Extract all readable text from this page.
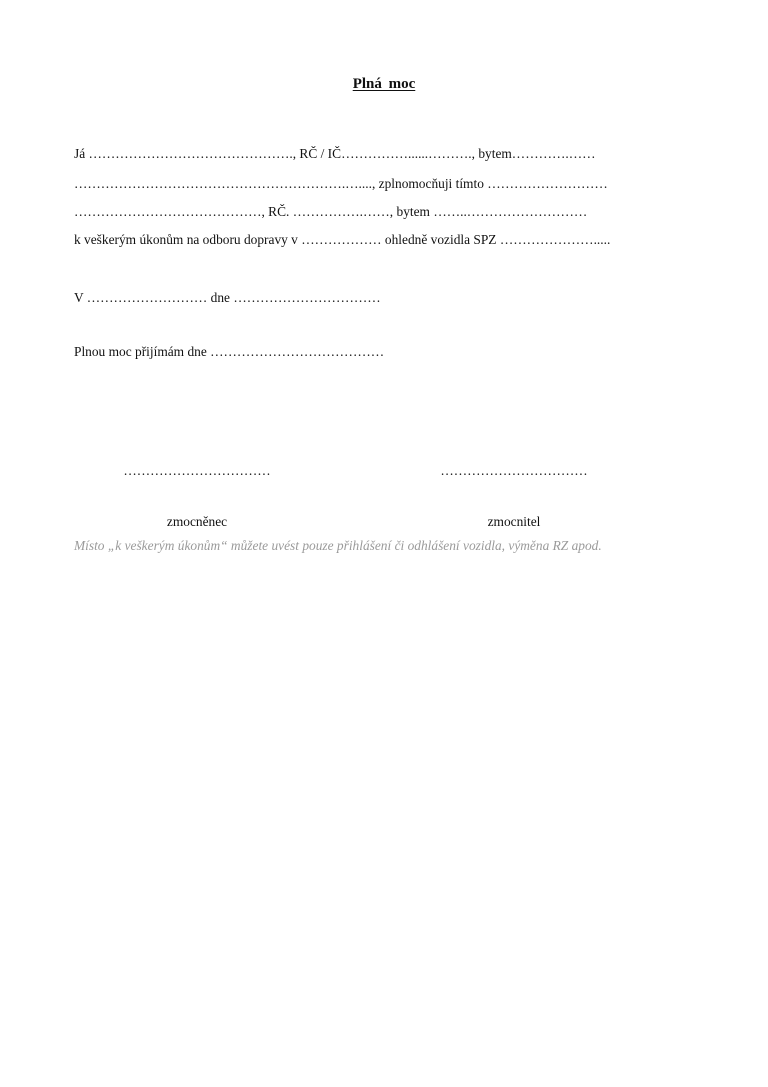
Plná moc
Já ………………………………………., RČ / IČ……………......………., bytem………….……
…………………………………………………….…...., zplnomocňuji tímto ………………………
……………………………………, RČ. …………….……, bytem ……..………………………
k veškerým úkonům na odboru dopravy v ……………… ohledně vozidla SPZ ………………….....
V ……………………… dne ……………………………
Plnou moc přijímám dne …………………………………

……………………………

zmocněnec

……………………………

zmocnitel

Místo „k veškerým úkonům“ můžete uvést pouze přihlášení či odhlášení vozidla, výměna RZ apod.
